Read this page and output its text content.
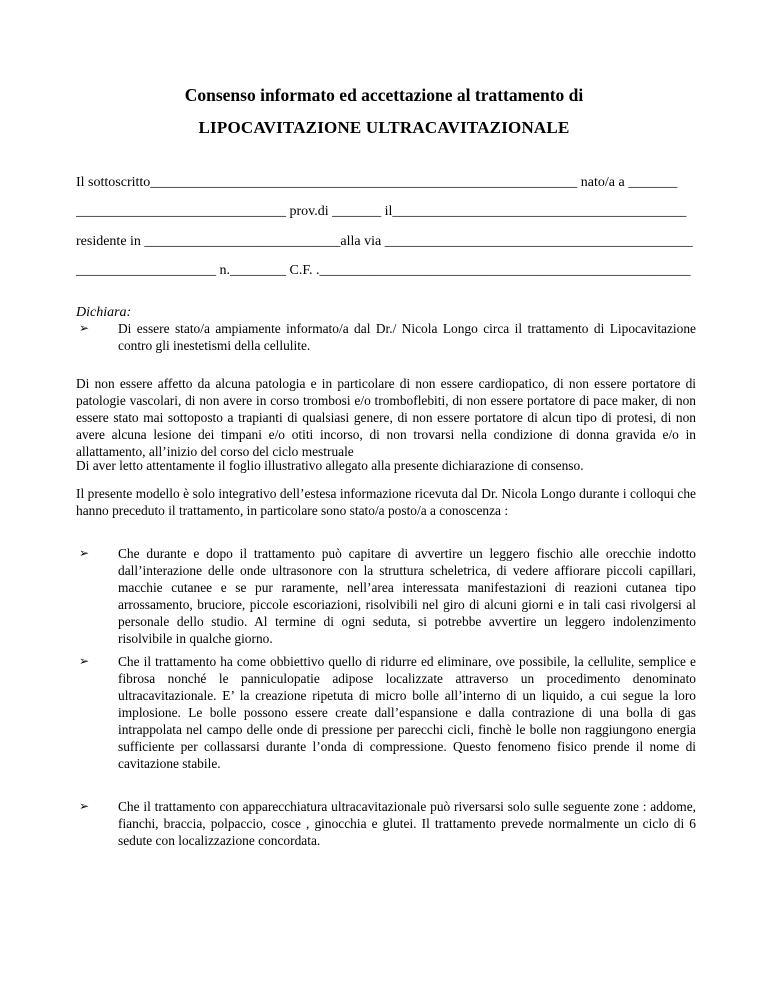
Consenso informato ed accettazione al trattamento di
LIPOCAVITAZIONE ULTRACAVITAZIONALE
Il sottoscritto_____________________________________________________________ nato/a a _______
______________________________ prov.di _______ il__________________________________________
residente in ____________________________alla via ____________________________________________
____________________ n.________ C.F. ._____________________________________________________
Dichiara:
➢ Di essere stato/a ampiamente informato/a dal Dr./ Nicola Longo circa il trattamento di Lipocavitazione contro gli inestetismi della cellulite.
Di non essere affetto da alcuna patologia e in particolare di non essere cardiopatico, di non essere portatore di patologie vascolari, di non avere in corso trombosi e/o tromboflebiti, di non essere portatore di pace maker, di non essere stato mai sottoposto a trapianti di qualsiasi genere, di non essere portatore di alcun tipo di protesi, di non avere alcuna lesione dei timpani e/o otiti incorso, di non trovarsi nella condizione di donna gravida e/o in allattamento, all’inizio del corso del ciclo mestruale
Di aver letto attentamente il foglio illustrativo allegato alla presente dichiarazione di consenso.
Il presente modello è solo integrativo dell’estesa informazione ricevuta dal Dr. Nicola Longo durante i colloqui che hanno preceduto il trattamento, in particolare sono stato/a posto/a a conoscenza :
➢ Che durante e dopo il trattamento può capitare di avvertire un leggero fischio alle orecchie indotto dall’interazione delle onde ultrasonore con la struttura scheletrica, di vedere affiorare piccoli capillari, macchie cutanee e se pur raramente, nell’area interessata manifestazioni di reazioni cutanea tipo arrossamento, bruciore, piccole escoriazioni, risolvibili nel giro di alcuni giorni e in tali casi rivolgersi al personale dello studio. Al termine di ogni seduta, si potrebbe avvertire un leggero indolenzimento risolvibile in qualche giorno.
➢ Che il trattamento ha come obbiettivo quello di ridurre ed eliminare, ove possibile, la cellulite, semplice e fibrosa nonché le panniculopatie adipose localizzate attraverso un procedimento denominato ultracavitazionale. E’ la creazione ripetuta di micro bolle all’interno di un liquido, a cui segue la loro implosione. Le bolle possono essere create dall’espansione e dalla contrazione di una bolla di gas intrappolata nel campo delle onde di pressione per parecchi cicli, finchè le bolle non raggiungono energia sufficiente per collassarsi durante l’onda di compressione. Questo fenomeno fisico prende il nome di cavitazione stabile.
➢ Che il trattamento con apparecchiatura ultracavitazionale può riversarsi solo sulle seguente zone : addome, fianchi, braccia, polpaccio, cosce , ginocchia e glutei. Il trattamento prevede normalmente un ciclo di 6 sedute con localizzazione concordata.
